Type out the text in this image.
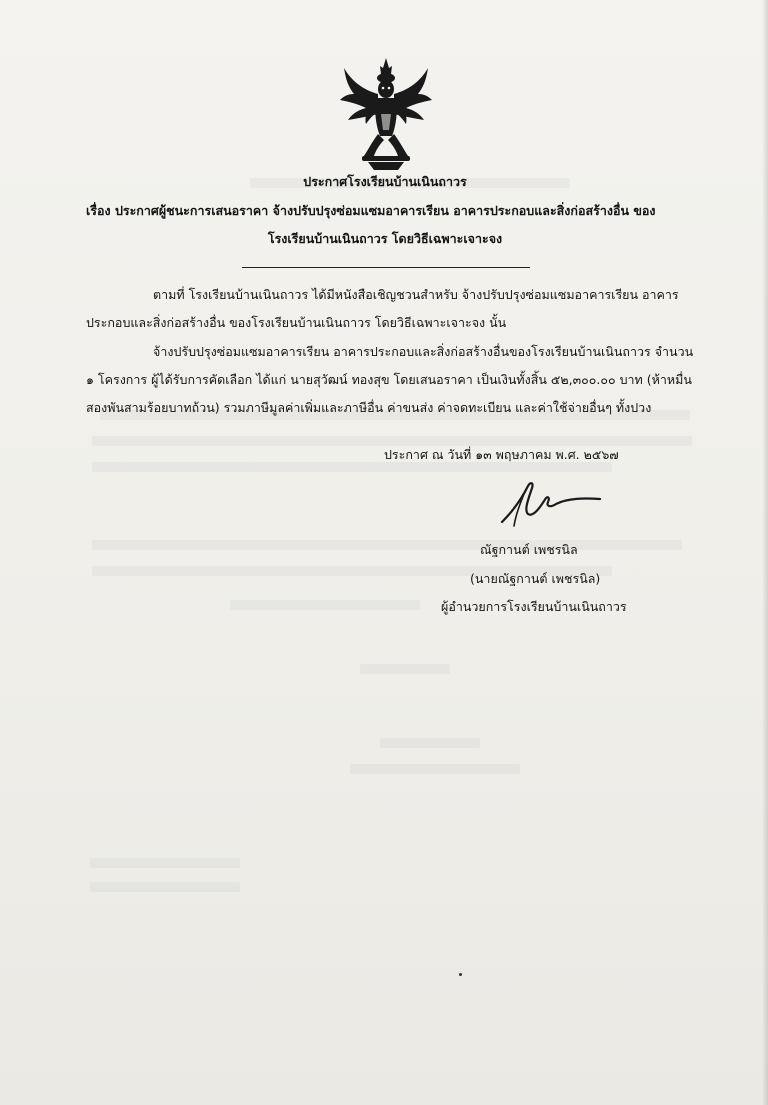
ประกาศโรงเรียนบ้านเนินถาวร
เรื่อง ประกาศผู้ชนะการเสนอราคา จ้างปรับปรุงซ่อมแซมอาคารเรียน อาคารประกอบและสิ่งก่อสร้างอื่น ของ
โรงเรียนบ้านเนินถาวร โดยวิธีเฉพาะเจาะจง
ตามที่ โรงเรียนบ้านเนินถาวร ได้มีหนังสือเชิญชวนสำหรับ จ้างปรับปรุงซ่อมแซมอาคารเรียน อาคาร
ประกอบและสิ่งก่อสร้างอื่น ของโรงเรียนบ้านเนินถาวร โดยวิธีเฉพาะเจาะจง นั้น
จ้างปรับปรุงซ่อมแซมอาคารเรียน อาคารประกอบและสิ่งก่อสร้างอื่นของโรงเรียนบ้านเนินถาวร จำนวน
๑ โครงการ ผู้ได้รับการคัดเลือก ได้แก่ นายสุวัฒน์ ทองสุข โดยเสนอราคา เป็นเงินทั้งสิ้น ๕๒,๓๐๐.๐๐ บาท (ห้าหมื่น
สองพันสามร้อยบาทถ้วน) รวมภาษีมูลค่าเพิ่มและภาษีอื่น ค่าขนส่ง ค่าจดทะเบียน และค่าใช้จ่ายอื่นๆ ทั้งปวง
ประกาศ ณ วันที่ ๑๓ พฤษภาคม พ.ศ. ๒๕๖๗
ณัฐกานต์ เพชรนิล
(นายณัฐกานต์ เพชรนิล)
ผู้อำนวยการโรงเรียนบ้านเนินถาวร
